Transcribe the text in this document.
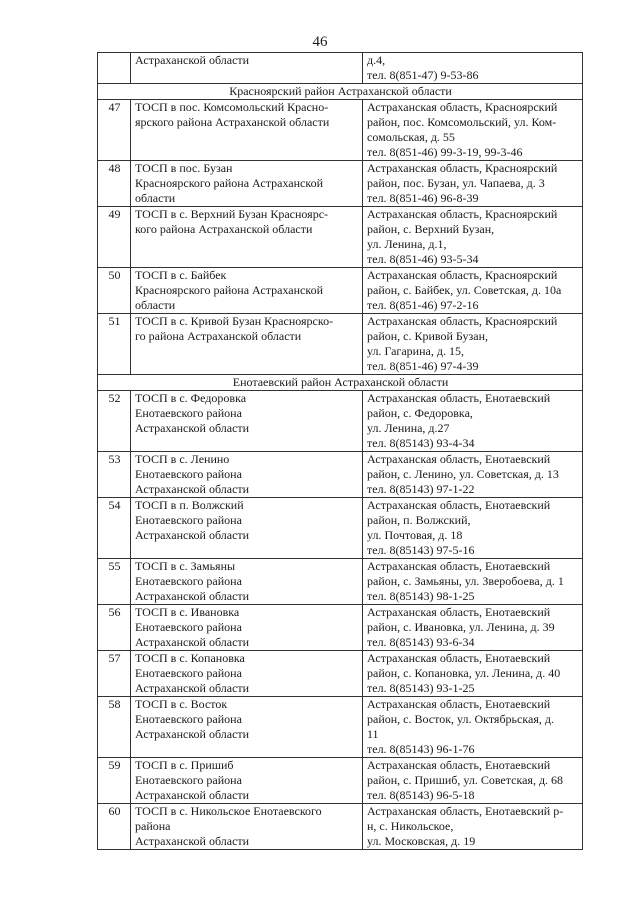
46
	Астраханской области	д.4,
тел. 8(851-47) 9-53-86
Красноярский район Астраханской области		
47	ТОСП в пос. Комсомольский Красно-
ярского района Астраханской области	Астраханская область, Красноярский
район, пос. Комсомольский, ул. Ком-
сомольская, д. 55
тел. 8(851-46) 99-3-19, 99-3-46
48	ТОСП в пос. Бузан
Красноярского района Астраханской
области	Астраханская область, Красноярский
район, пос. Бузан, ул. Чапаева, д. 3
тел. 8(851-46) 96-8-39
49	ТОСП в с. Верхний Бузан Красноярс-
кого района Астраханской области	Астраханская область, Красноярский
район, с. Верхний Бузан,
ул. Ленина, д.1,
тел. 8(851-46) 93-5-34
50	ТОСП в с. Байбек
Красноярского района Астраханской
области	Астраханская область, Красноярский
район, с. Байбек, ул. Советская, д. 10а
тел. 8(851-46) 97-2-16
51	ТОСП в с. Кривой Бузан Красноярско-
го района Астраханской области	Астраханская область, Красноярский
район, с. Кривой Бузан,
ул. Гагарина, д. 15,
тел. 8(851-46) 97-4-39
Енотаевский район Астраханской области		
52	ТОСП в с. Федоровка
Енотаевского района
Астраханской области	Астраханская область, Енотаевский
район, с. Федоровка,
ул. Ленина, д.27
тел. 8(85143) 93-4-34
53	ТОСП в с. Ленино
Енотаевского района
Астраханской области	Астраханская область, Енотаевский
район, с. Ленино, ул. Советская, д. 13
тел. 8(85143) 97-1-22
54	ТОСП в п. Волжский
Енотаевского района
Астраханской области	Астраханская область, Енотаевский
район, п. Волжский,
ул. Почтовая, д. 18
тел. 8(85143) 97-5-16
55	ТОСП в с. Замьяны
Енотаевского района
Астраханской области	Астраханская область, Енотаевский
район, с. Замьяны, ул. Зверобоева, д. 1
тел. 8(85143) 98-1-25
56	ТОСП в с. Ивановка
Енотаевского района
Астраханской области	Астраханская область, Енотаевский
район, с. Ивановка, ул. Ленина, д. 39
тел. 8(85143) 93-6-34
57	ТОСП в с. Копановка
Енотаевского района
Астраханской области	Астраханская область, Енотаевский
район, с. Копановка, ул. Ленина, д. 40
тел. 8(85143) 93-1-25
58	ТОСП в с. Восток
Енотаевского района
Астраханской области	Астраханская область, Енотаевский
район, с. Восток, ул. Октябрьская, д.
11
тел. 8(85143) 96-1-76
59	ТОСП в с. Пришиб
Енотаевского района
Астраханской области	Астраханская область, Енотаевский
район, с. Пришиб, ул. Советская, д. 68
тел. 8(85143) 96-5-18
60	ТОСП в с. Никольское Енотаевского
района
Астраханской области	Астраханская область, Енотаевский р-
н, с. Никольское,
ул. Московская, д. 19
